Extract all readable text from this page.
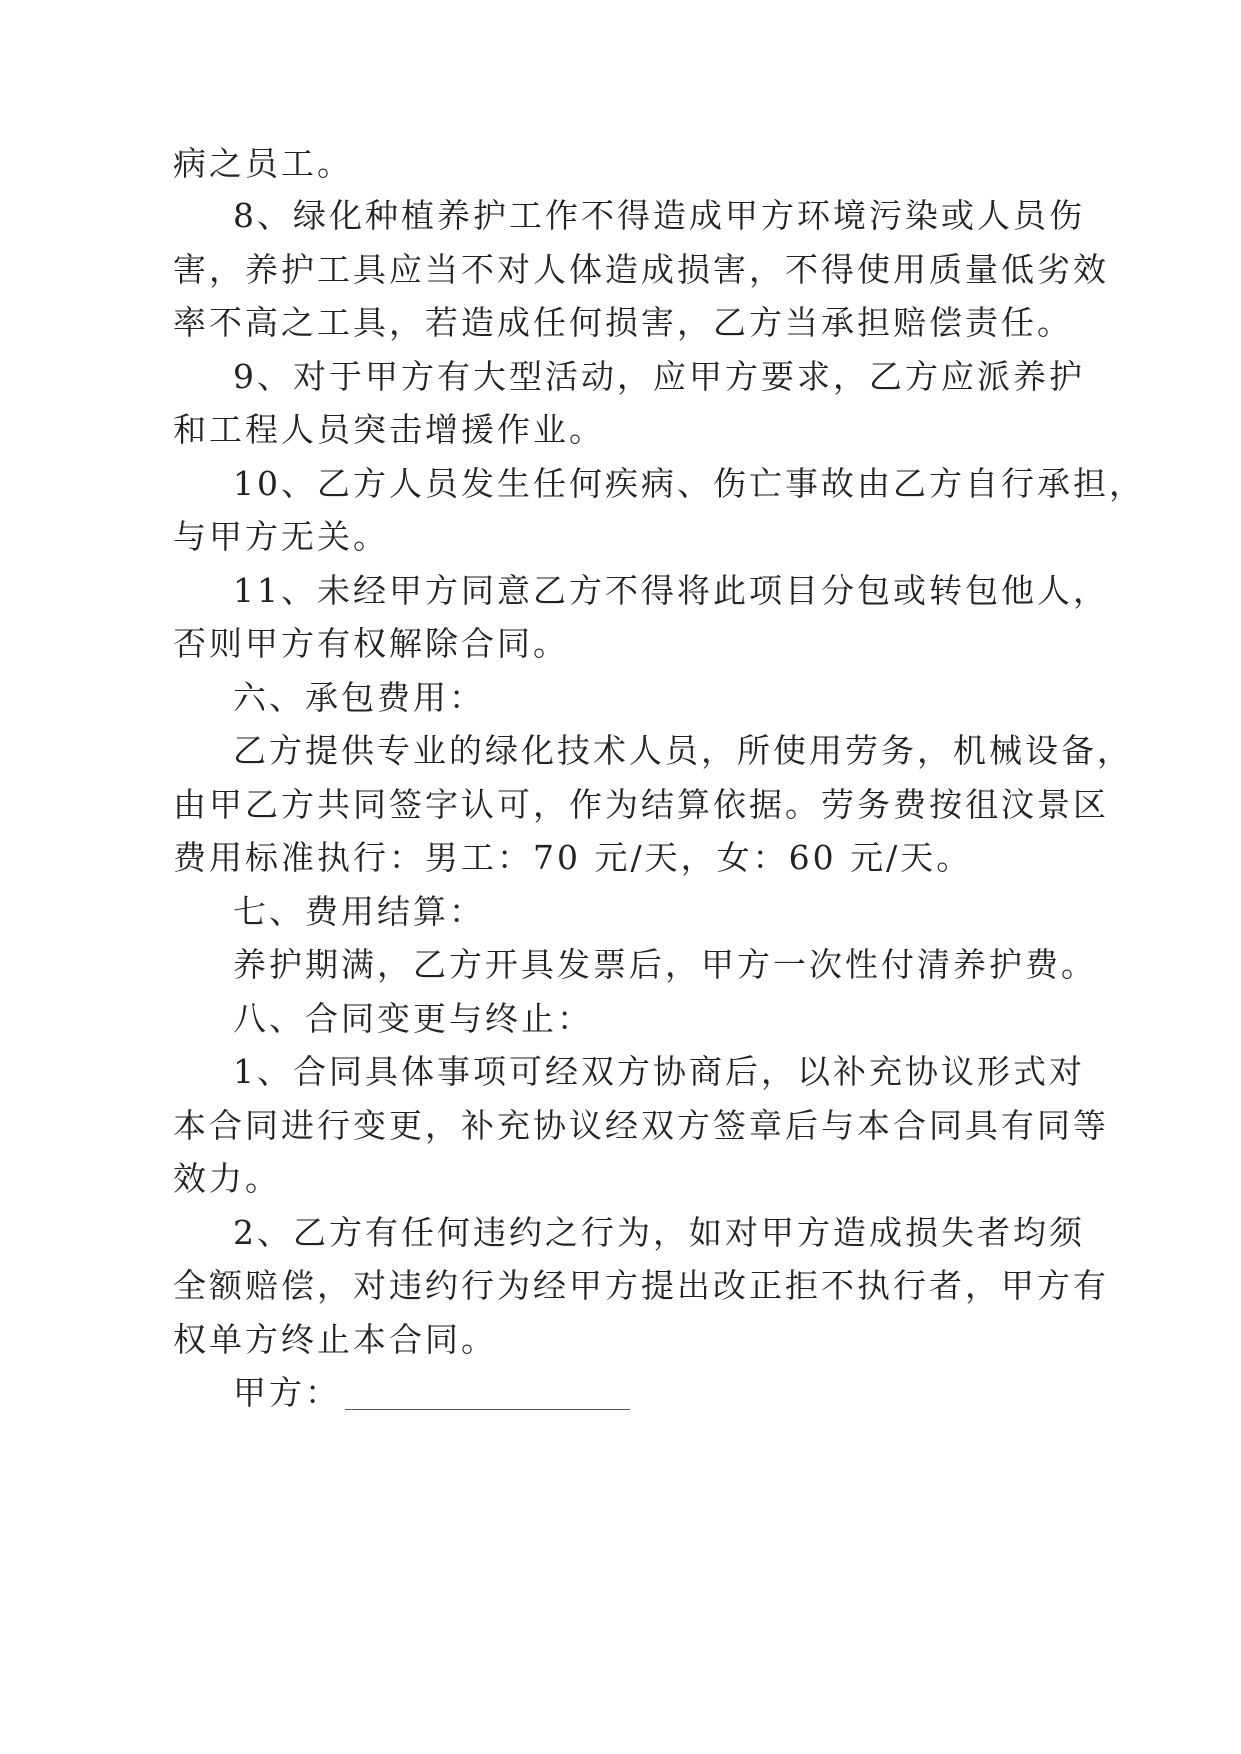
病之员工。

8、绿化种植养护工作不得造成甲方环境污染或人员伤

害，养护工具应当不对人体造成损害，不得使用质量低劣效

率不高之工具，若造成任何损害，乙方当承担赔偿责任。

9、对于甲方有大型活动，应甲方要求，乙方应派养护

和工程人员突击增援作业。

10、乙方人员发生任何疾病、伤亡事故由乙方自行承担，

与甲方无关。

11、未经甲方同意乙方不得将此项目分包或转包他人，

否则甲方有权解除合同。

六、承包费用：

乙方提供专业的绿化技术人员，所使用劳务，机械设备，

由甲乙方共同签字认可，作为结算依据。劳务费按徂汶景区

费用标准执行：男工：70 元/天，女：60 元/天。

七、费用结算：

养护期满，乙方开具发票后，甲方一次性付清养护费。

八、合同变更与终止：

1、合同具体事项可经双方协商后，以补充协议形式对

本合同进行变更，补充协议经双方签章后与本合同具有同等

效力。

2、乙方有任何违约之行为，如对甲方造成损失者均须

全额赔偿，对违约行为经甲方提出改正拒不执行者，甲方有

权单方终止本合同。

甲方：
